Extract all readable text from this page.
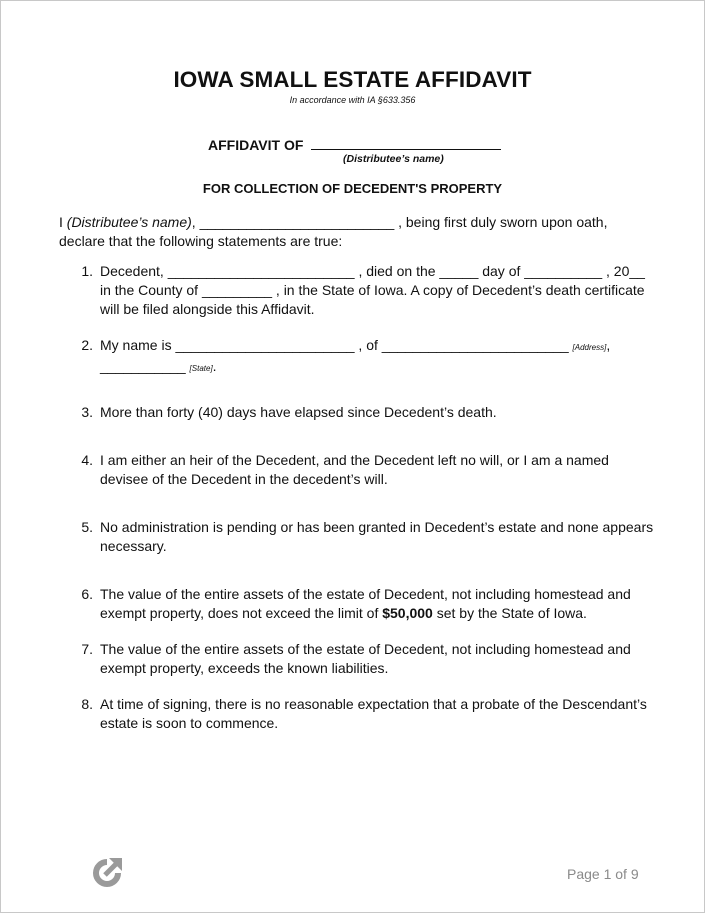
IOWA SMALL ESTATE AFFIDAVIT
In accordance with IA §633.356
AFFIDAVIT OF
(Distributee’s name)
FOR COLLECTION OF DECEDENT'S PROPERTY
I (Distributee’s name), _________________________ , being first duly sworn upon oath,
declare that the following statements are true:
1. Decedent, ________________________ , died on the _____ day of __________ , 20__
in the County of _________ , in the State of Iowa. A copy of Decedent’s death certificate
will be filed alongside this Affidavit.
2. My name is _______________________ , of ________________________ [Address],
___________ [State].
3. More than forty (40) days have elapsed since Decedent’s death.
4. I am either an heir of the Decedent, and the Decedent left no will, or I am a named
devisee of the Decedent in the decedent’s will.
5. No administration is pending or has been granted in Decedent’s estate and none appears
necessary.
6. The value of the entire assets of the estate of Decedent, not including homestead and
exempt property, does not exceed the limit of $50,000 set by the State of Iowa.
7. The value of the entire assets of the estate of Decedent, not including homestead and
exempt property, exceeds the known liabilities.
8. At time of signing, there is no reasonable expectation that a probate of the Descendant’s
estate is soon to commence.
Page 1 of 9
